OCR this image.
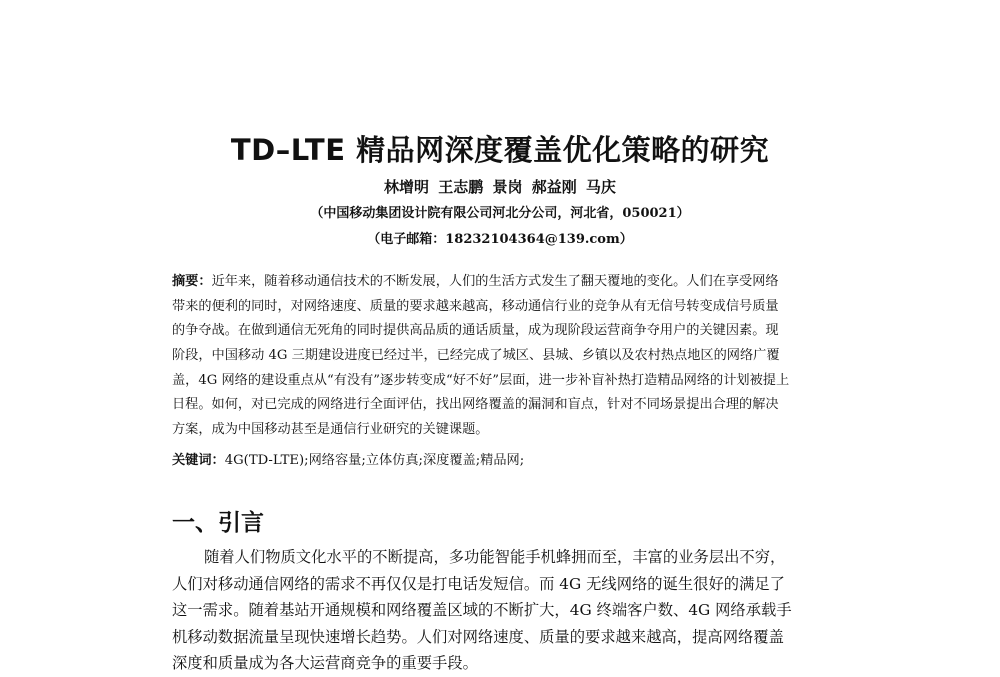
TD–LTE 精品网深度覆盖优化策略的研究
林增明 王志鹏 景岗 郝益刚 马庆
（中国移动集团设计院有限公司河北分公司，河北省，050021）
（电子邮箱：18232104364@139.com）
摘要：近年来，随着移动通信技术的不断发展，人们的生活方式发生了翻天覆地的变化。人们在享受网络
带来的便利的同时，对网络速度、质量的要求越来越高，移动通信行业的竞争从有无信号转变成信号质量
的争夺战。在做到通信无死角的同时提供高品质的通话质量，成为现阶段运营商争夺用户的关键因素。现
阶段，中国移动 4G 三期建设进度已经过半，已经完成了城区、县城、乡镇以及农村热点地区的网络广覆
盖，4G 网络的建设重点从“有没有”逐步转变成“好不好”层面，进一步补盲补热打造精品网络的计划被提上
日程。如何，对已完成的网络进行全面评估，找出网络覆盖的漏洞和盲点，针对不同场景提出合理的解决
方案，成为中国移动甚至是通信行业研究的关键课题。
关键词：4G(TD-LTE);网络容量;立体仿真;深度覆盖;精品网;
一、引言
随着人们物质文化水平的不断提高，多功能智能手机蜂拥而至，丰富的业务层出不穷，
人们对移动通信网络的需求不再仅仅是打电话发短信。而 4G 无线网络的诞生很好的满足了
这一需求。随着基站开通规模和网络覆盖区域的不断扩大，4G 终端客户数、4G 网络承载手
机移动数据流量呈现快速增长趋势。人们对网络速度、质量的要求越来越高，提高网络覆盖
深度和质量成为各大运营商竞争的重要手段。
